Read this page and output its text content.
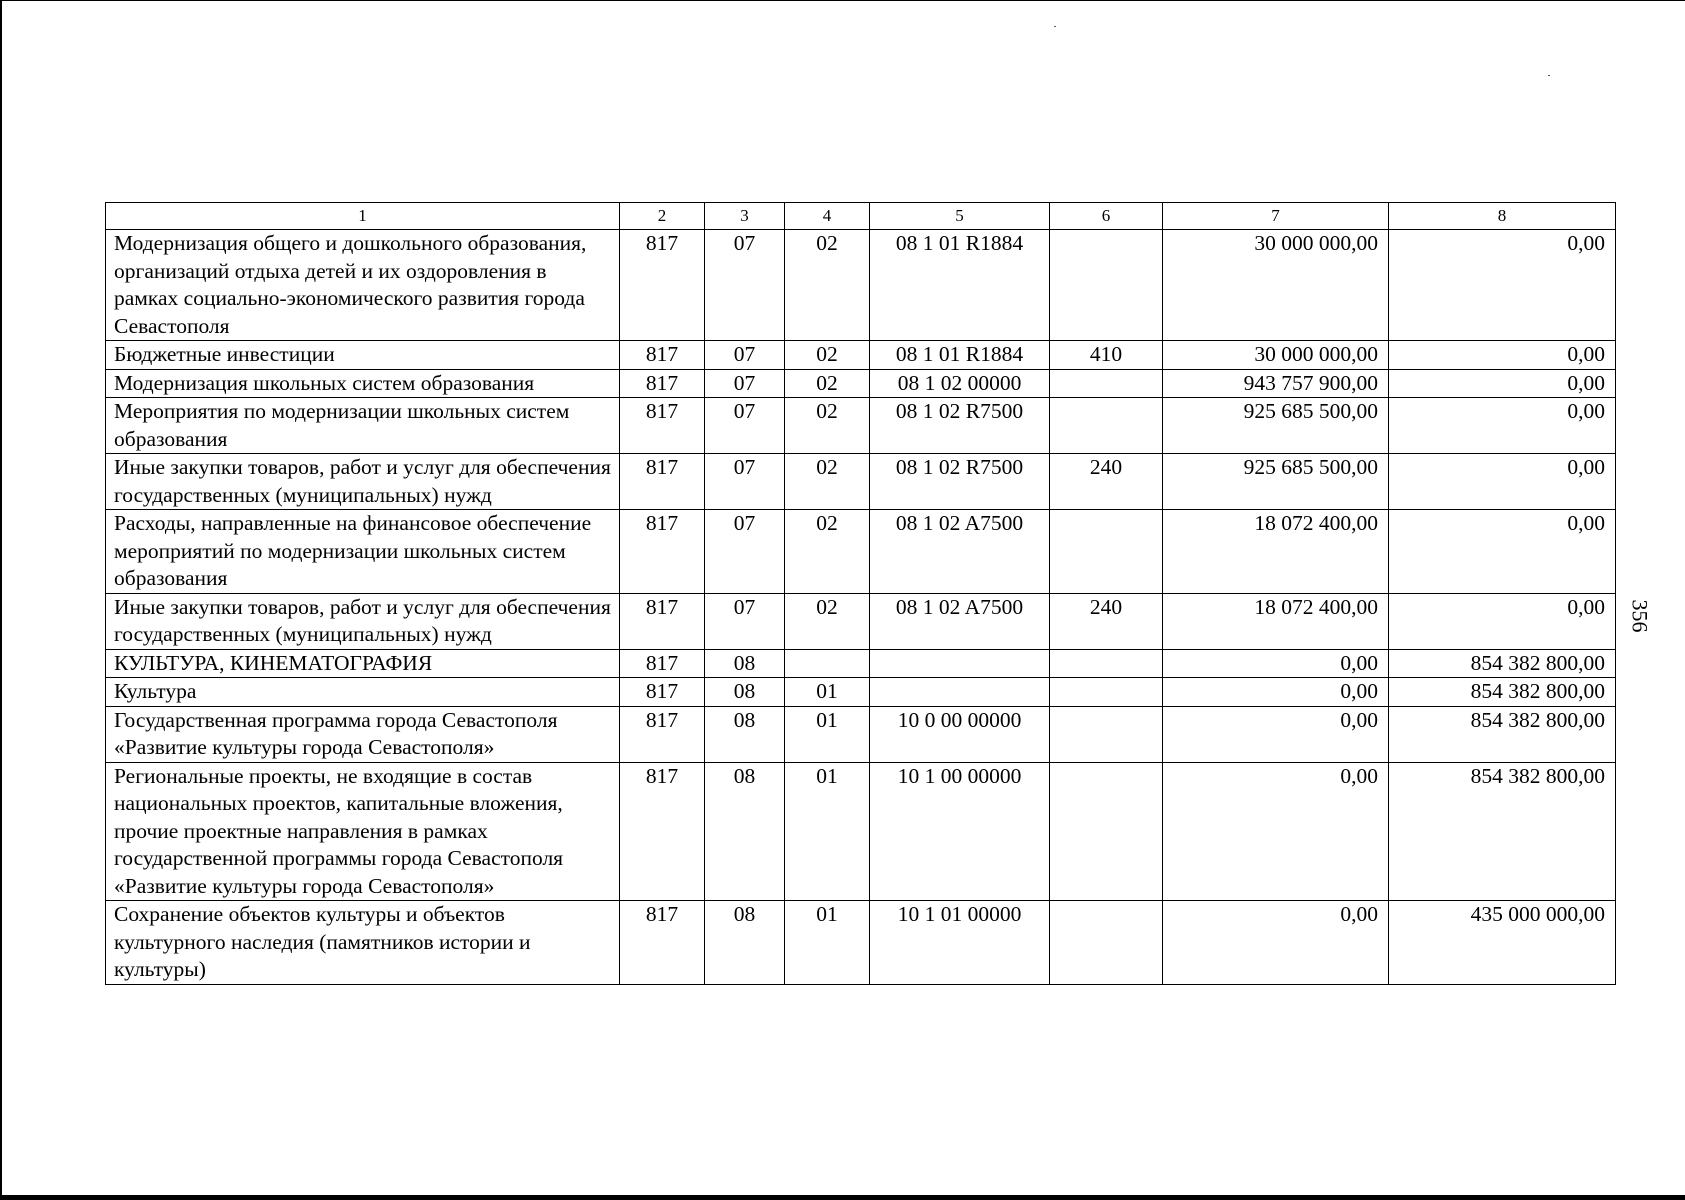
356
1	2	3	4	5	6	7	8
Модернизация общего и дошкольного образования, организаций отдыха детей и их оздоровления в рамках социально-экономического развития города Севастополя	817	07	02	08 1 01 R1884		30 000 000,00	0,00
Бюджетные инвестиции	817	07	02	08 1 01 R1884	410	30 000 000,00	0,00
Модернизация школьных систем образования	817	07	02	08 1 02 00000		943 757 900,00	0,00
Мероприятия по модернизации школьных систем образования	817	07	02	08 1 02 R7500		925 685 500,00	0,00
Иные закупки товаров, работ и услуг для обеспечения государственных (муниципальных) нужд	817	07	02	08 1 02 R7500	240	925 685 500,00	0,00
Расходы, направленные на финансовое обеспечение мероприятий по модернизации школьных систем образования	817	07	02	08 1 02 A7500		18 072 400,00	0,00
Иные закупки товаров, работ и услуг для обеспечения государственных (муниципальных) нужд	817	07	02	08 1 02 A7500	240	18 072 400,00	0,00
КУЛЬТУРА, КИНЕМАТОГРАФИЯ	817	08				0,00	854 382 800,00
Культура	817	08	01			0,00	854 382 800,00
Государственная программа города Севастополя «Развитие культуры города Севастополя»	817	08	01	10 0 00 00000		0,00	854 382 800,00
Региональные проекты, не входящие в состав национальных проектов, капитальные вложения, прочие проектные направления в рамках государственной программы города Севастополя «Развитие культуры города Севастополя»	817	08	01	10 1 00 00000		0,00	854 382 800,00
Сохранение объектов культуры и объектов культурного наследия (памятников истории и культуры)	817	08	01	10 1 01 00000		0,00	435 000 000,00
